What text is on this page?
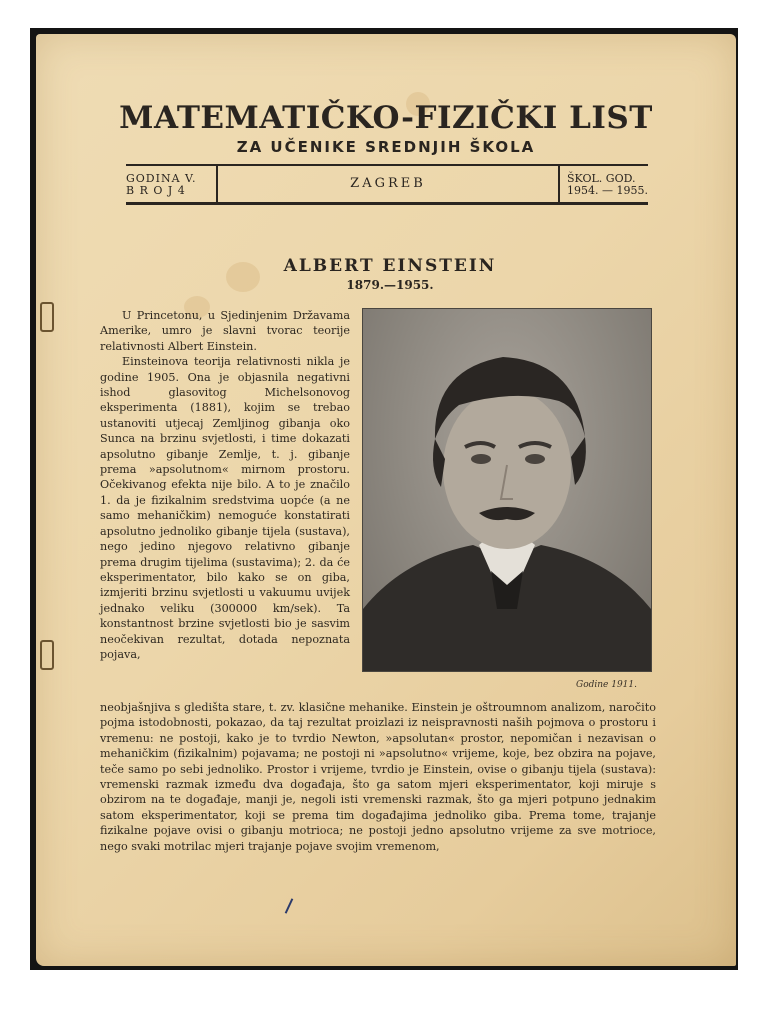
MATEMATIČKO-FIZIČKI LIST
ZA UČENIKE SREDNJIH ŠKOLA
GODINA V.
B R O J 4	ZAGREB	ŠKOL. GOD.
1954. — 1955.
ALBERT EINSTEIN
1879.—1955.
Godine 1911.

U Princetonu, u Sjedinjenim Državama Amerike, umro je slavni tvorac teorije relativnosti Albert Einstein.

Einsteinova teorija relativnosti nikla je godine 1905. Ona je objasnila negativni ishod glasovitog Michelsonovog eksperimenta (1881), kojim se trebao ustanoviti utjecaj Zemljinog gibanja oko Sunca na brzinu svjetlosti, i time dokazati apsolutno gibanje Zemlje, t. j. gibanje prema »apsolutnom« mirnom prostoru. Očekivanog efekta nije bilo. A to je značilo 1. da je fizikalnim sredstvima uopće (a ne samo mehaničkim) nemoguće konstatirati apsolutno jednoliko gibanje tijela (sustava), nego jedino njegovo relativno gibanje prema drugim tijelima (sustavima); 2. da će eksperimentator, bilo kako se on giba, izmjeriti brzinu svjetlosti u vakuumu uvijek jednako veliku (300000 km/sek). Ta konstantnost brzine svjetlosti bio je sasvim neočekivan rezultat, dotada nepoznata pojava,

neobjašnjiva s gledišta stare, t. zv. klasične mehanike. Einstein je oštroumnom analizom, naročito pojma istodobnosti, pokazao, da taj rezultat proizlazi iz neispravnosti naših pojmova o prostoru i vremenu: ne postoji, kako je to tvrdio Newton, »apsolutan« prostor, nepomičan i nezavisan o mehaničkim (fizikalnim) pojavama; ne postoji ni »apsolutno« vrijeme, koje, bez obzira na pojave, teče samo po sebi jednoliko. Prostor i vrijeme, tvrdio je Einstein, ovise o gibanju tijela (sustava): vremenski razmak između dva događaja, što ga satom mjeri eksperimentator, koji miruje s obzirom na te događaje, manji je, negoli isti vremenski razmak, što ga mjeri potpuno jednakim satom eksperimentator, koji se prema tim događajima jednoliko giba. Prema tome, trajanje fizikalne pojave ovisi o gibanju motrioca; ne postoji jedno apsolutno vrijeme za sve motrioce, nego svaki motrilac mjeri trajanje pojave svojim vremenom,
